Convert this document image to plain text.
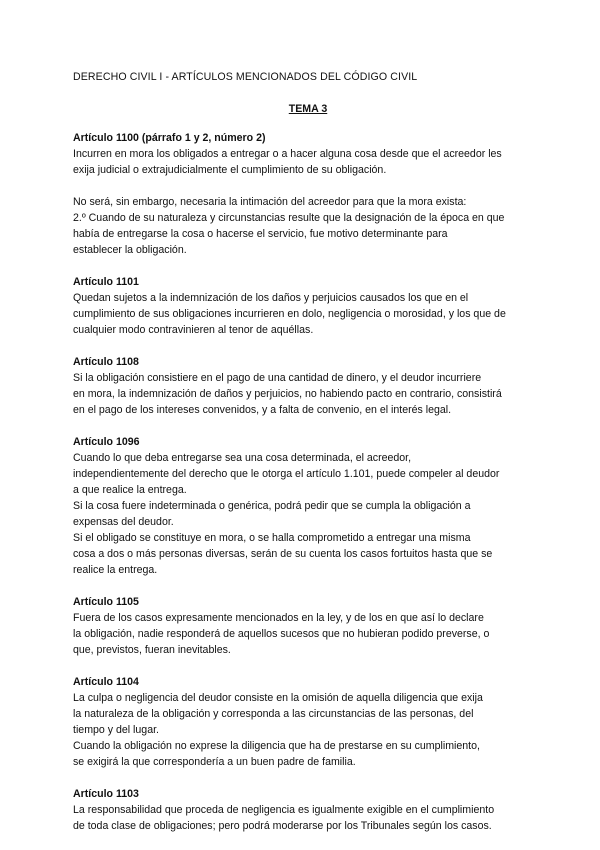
DERECHO CIVIL I - ARTÍCULOS MENCIONADOS DEL CÓDIGO CIVIL

TEMA 3

Artículo 1100 (párrafo 1 y 2, número 2)

Incurren en mora los obligados a entregar o a hacer alguna cosa desde que el acreedor les

exija judicial o extrajudicialmente el cumplimiento de su obligación.

No será, sin embargo, necesaria la intimación del acreedor para que la mora exista:

2.º Cuando de su naturaleza y circunstancias resulte que la designación de la época en que

había de entregarse la cosa o hacerse el servicio, fue motivo determinante para

establecer la obligación.

Artículo 1101

Quedan sujetos a la indemnización de los daños y perjuicios causados los que en el

cumplimiento de sus obligaciones incurrieren en dolo, negligencia o morosidad, y los que de

cualquier modo contravinieren al tenor de aquéllas.

Artículo 1108

Si la obligación consistiere en el pago de una cantidad de dinero, y el deudor incurriere

en mora, la indemnización de daños y perjuicios, no habiendo pacto en contrario, consistirá

en el pago de los intereses convenidos, y a falta de convenio, en el interés legal.

Artículo 1096

Cuando lo que deba entregarse sea una cosa determinada, el acreedor,

independientemente del derecho que le otorga el artículo 1.101, puede compeler al deudor

a que realice la entrega.

Si la cosa fuere indeterminada o genérica, podrá pedir que se cumpla la obligación a

expensas del deudor.

Si el obligado se constituye en mora, o se halla comprometido a entregar una misma

cosa a dos o más personas diversas, serán de su cuenta los casos fortuitos hasta que se

realice la entrega.

Artículo 1105

Fuera de los casos expresamente mencionados en la ley, y de los en que así lo declare

la obligación, nadie responderá de aquellos sucesos que no hubieran podido preverse, o

que, previstos, fueran inevitables.

Artículo 1104

La culpa o negligencia del deudor consiste en la omisión de aquella diligencia que exija

la naturaleza de la obligación y corresponda a las circunstancias de las personas, del

tiempo y del lugar.

Cuando la obligación no exprese la diligencia que ha de prestarse en su cumplimiento,

se exigirá la que correspondería a un buen padre de familia.

Artículo 1103

La responsabilidad que proceda de negligencia es igualmente exigible en el cumplimiento

de toda clase de obligaciones; pero podrá moderarse por los Tribunales según los casos.
